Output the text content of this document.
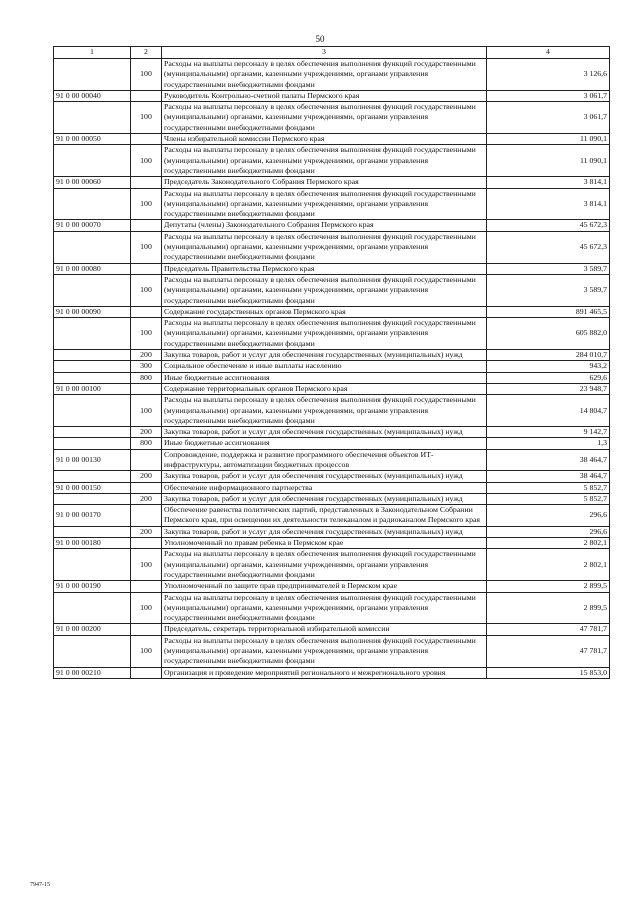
50
1	2	3	4
	100	Расходы на выплаты персоналу в целях обеспечения выполнения функций государственными (муниципальными) органами, казенными учреждениями, органами управления государственными внебюджетными фондами	3 126,6
91 0 00 00040		Руководитель Контрольно-счетной палаты Пермского края	3 061,7
	100	Расходы на выплаты персоналу в целях обеспечения выполнения функций государственными (муниципальными) органами, казенными учреждениями, органами управления государственными внебюджетными фондами	3 061,7
91 0 00 00050		Члены избирательной комиссии Пермского края	11 090,1
	100	Расходы на выплаты персоналу в целях обеспечения выполнения функций государственными (муниципальными) органами, казенными учреждениями, органами управления государственными внебюджетными фондами	11 090,1
91 0 00 00060		Председатель Законодательного Собрания Пермского края	3 814,1
	100	Расходы на выплаты персоналу в целях обеспечения выполнения функций государственными (муниципальными) органами, казенными учреждениями, органами управления государственными внебюджетными фондами	3 814,1
91 0 00 00070		Депутаты (члены) Законодательного Собрания Пермского края	45 672,3
	100	Расходы на выплаты персоналу в целях обеспечения выполнения функций государственными (муниципальными) органами, казенными учреждениями, органами управления государственными внебюджетными фондами	45 672,3
91 0 00 00080		Председатель Правительства Пермского края	3 589,7
	100	Расходы на выплаты персоналу в целях обеспечения выполнения функций государственными (муниципальными) органами, казенными учреждениями, органами управления государственными внебюджетными фондами	3 589,7
91 0 00 00090		Содержание государственных органов Пермского края	891 465,5
	100	Расходы на выплаты персоналу в целях обеспечения выполнения функций государственными (муниципальными) органами, казенными учреждениями, органами управления государственными внебюджетными фондами	605 882,0
	200	Закупка товаров, работ и услуг для обеспечения государственных (муниципальных) нужд	284 010,7
	300	Социальное обеспечение и иные выплаты населению	943,2
	800	Иные бюджетные ассигнования	629,6
91 0 00 00100		Содержание территориальных органов Пермского края	23 948,7
	100	Расходы на выплаты персоналу в целях обеспечения выполнения функций государственными (муниципальными) органами, казенными учреждениями, органами управления государственными внебюджетными фондами	14 804,7
	200	Закупка товаров, работ и услуг для обеспечения государственных (муниципальных) нужд	9 142,7
	800	Иные бюджетные ассигнования	1,3
91 0 00 00130		Сопровождение, поддержка и развитие программного обеспечения объектов ИТ-инфраструктуры, автоматизации бюджетных процессов	38 464,7
	200	Закупка товаров, работ и услуг для обеспечения государственных (муниципальных) нужд	38 464,7
91 0 00 00150		Обеспечение информационного партнерства	5 852,7
	200	Закупка товаров, работ и услуг для обеспечения государственных (муниципальных) нужд	5 852,7
91 0 00 00170		Обеспечение равенства политических партий, представленных в Законодательном Собрании Пермского края, при освещении их деятельности телеканалом и радиоканалом Пермского края	296,6
	200	Закупка товаров, работ и услуг для обеспечения государственных (муниципальных) нужд	296,6
91 0 00 00180		Уполномоченный по правам ребенка в Пермском крае	2 802,1
	100	Расходы на выплаты персоналу в целях обеспечения выполнения функций государственными (муниципальными) органами, казенными учреждениями, органами управления государственными внебюджетными фондами	2 802,1
91 0 00 00190		Уполномоченный по защите прав предпринимателей в Пермском крае	2 899,5
	100	Расходы на выплаты персоналу в целях обеспечения выполнения функций государственными (муниципальными) органами, казенными учреждениями, органами управления государственными внебюджетными фондами	2 899,5
91 0 00 00200		Председатель, секретарь территориальной избирательной комиссии	47 781,7
	100	Расходы на выплаты персоналу в целях обеспечения выполнения функций государственными (муниципальными) органами, казенными учреждениями, органами управления государственными внебюджетными фондами	47 781,7
91 0 00 00210		Организация и проведение мероприятий регионального и межрегионального уровня	15 853,0
7947-15
